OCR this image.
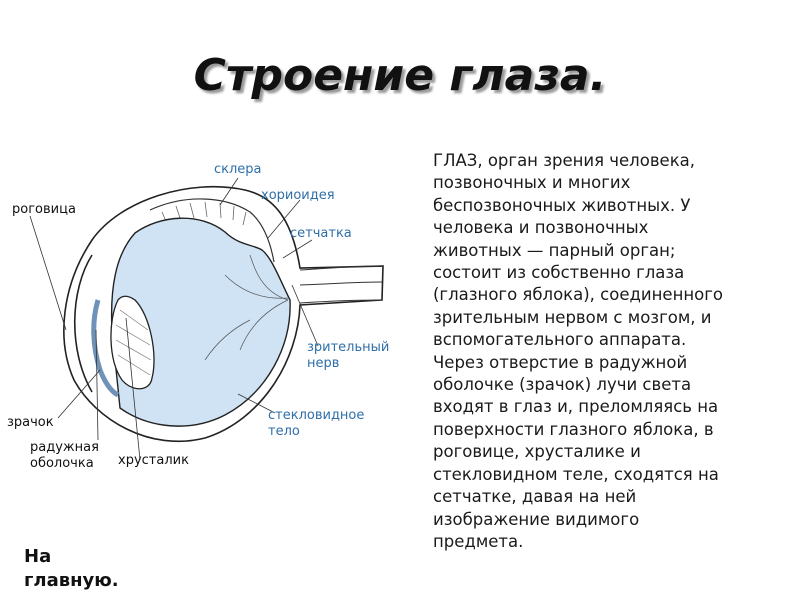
Строение глаза.
склера
хориоидея
сетчатка
роговица
зрительный
нерв
зрачок	стекловидное
тело
радужная
оболочка	хрусталик
ГЛАЗ, орган зрения человека,
позвоночных и многих
беспозвоночных животных. У
человека и позвоночных
животных — парный орган;
состоит из собственно глаза
(глазного яблока), соединенного
зрительным нервом с мозгом, и
вспомогательного аппарата.
Через отверстие в радужной
оболочке (зрачок) лучи света
входят в глаз и, преломляясь на
поверхности глазного яблока, в
роговице, хрусталике и
стекловидном теле, сходятся на
сетчатке, давая на ней
изображение видимого
предмета.
На
главную.
